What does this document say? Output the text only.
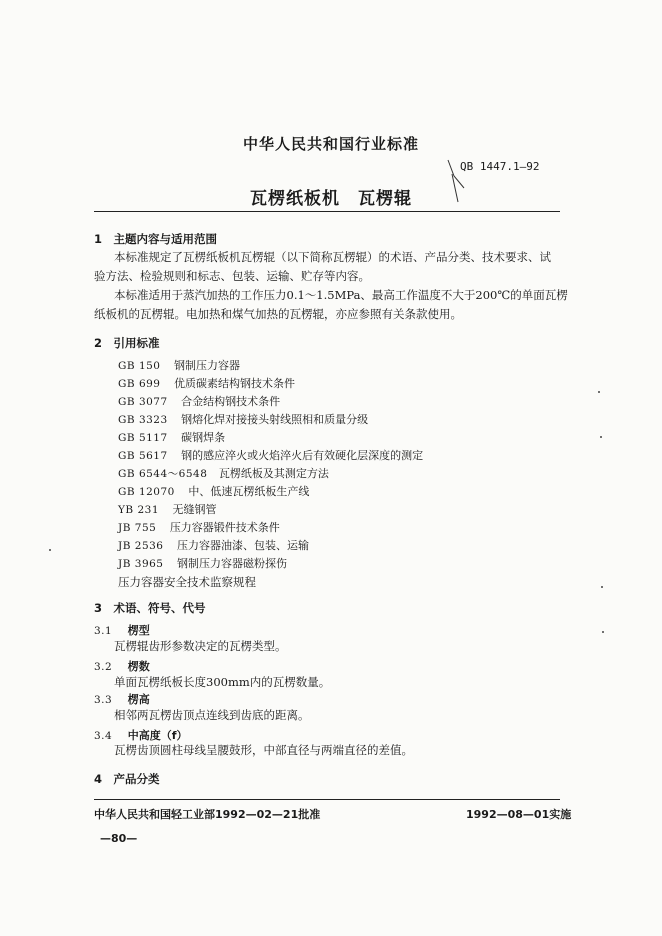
中华人民共和国行业标准
QB 1447.1—92
瓦楞纸板机　瓦楞辊
1　主题内容与适用范围
本标准规定了瓦楞纸板机瓦楞辊（以下简称瓦楞辊）的术语、产品分类、技术要求、试
验方法、检验规则和标志、包装、运输、贮存等内容。
本标准适用于蒸汽加热的工作压力0.1～1.5MPa、最高工作温度不大于200℃的单面瓦楞
纸板机的瓦楞辊。电加热和煤气加热的瓦楞辊，亦应参照有关条款使用。
2　引用标准
GB 150 钢制压力容器
GB 699 优质碳素结构钢技术条件
GB 3077 合金结构钢技术条件
GB 3323 钢熔化焊对接接头射线照相和质量分级
GB 5117 碳钢焊条
GB 5617 钢的感应淬火或火焰淬火后有效硬化层深度的测定
GB 6544～6548 瓦楞纸板及其测定方法
GB 12070 中、低速瓦楞纸板生产线
YB 231 无缝钢管
JB 755 压力容器锻件技术条件
JB 2536 压力容器油漆、包装、运输
JB 3965 钢制压力容器磁粉探伤
压力容器安全技术监察规程
3　术语、符号、代号
3.1 楞型
瓦楞辊齿形参数决定的瓦楞类型。
3.2 楞数
单面瓦楞纸板长度300mm内的瓦楞数量。
3.3 楞高
相邻两瓦楞齿顶点连线到齿底的距离。
3.4 中高度（f）
瓦楞齿顶圆柱母线呈腰鼓形，中部直径与两端直径的差值。
4　产品分类
中华人民共和国轻工业部1992—02—21批准	1992—08—01实施
—80—
